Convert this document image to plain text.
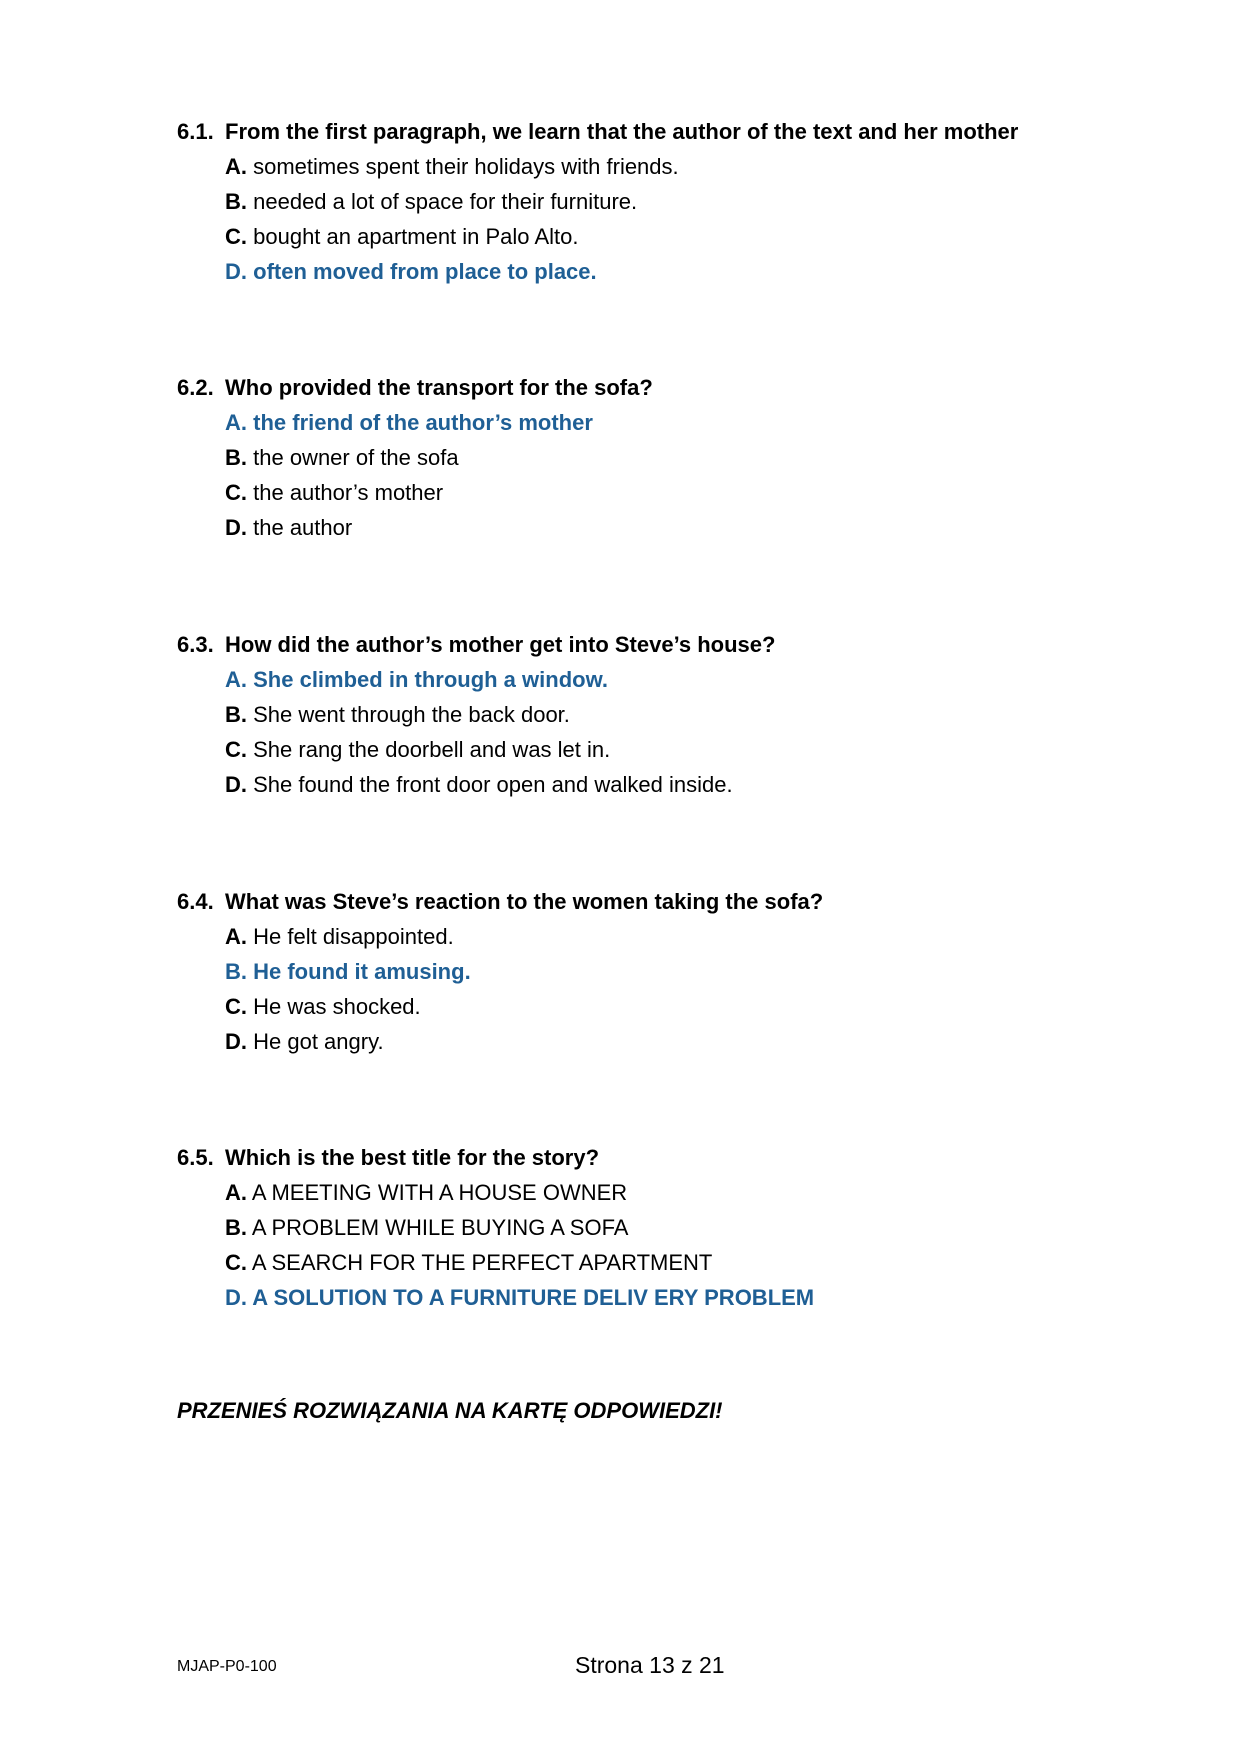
6.1. From the first paragraph, we learn that the author of the text and her mother
A. sometimes spent their holidays with friends.
B. needed a lot of space for their furniture.
C. bought an apartment in Palo Alto.
D. often moved from place to place.
6.2. Who provided the transport for the sofa?
A. the friend of the author’s mother
B. the owner of the sofa
C. the author’s mother
D. the author
6.3. How did the author’s mother get into Steve’s house?
A. She climbed in through a window.
B. She went through the back door.
C. She rang the doorbell and was let in.
D. She found the front door open and walked inside.
6.4. What was Steve’s reaction to the women taking the sofa?
A. He felt disappointed.
B. He found it amusing.
C. He was shocked.
D. He got angry.
6.5. Which is the best title for the story?
A. A MEETING WITH A HOUSE OWNER
B. A PROBLEM WHILE BUYING A SOFA
C. A SEARCH FOR THE PERFECT APARTMENT
D. A SOLUTION TO A FURNITURE DELIV ERY PROBLEM
PRZENIEŚ ROZWIĄZANIA NA KARTĘ ODPOWIEDZI!
MJAP-P0-100	Strona 13 z 21
